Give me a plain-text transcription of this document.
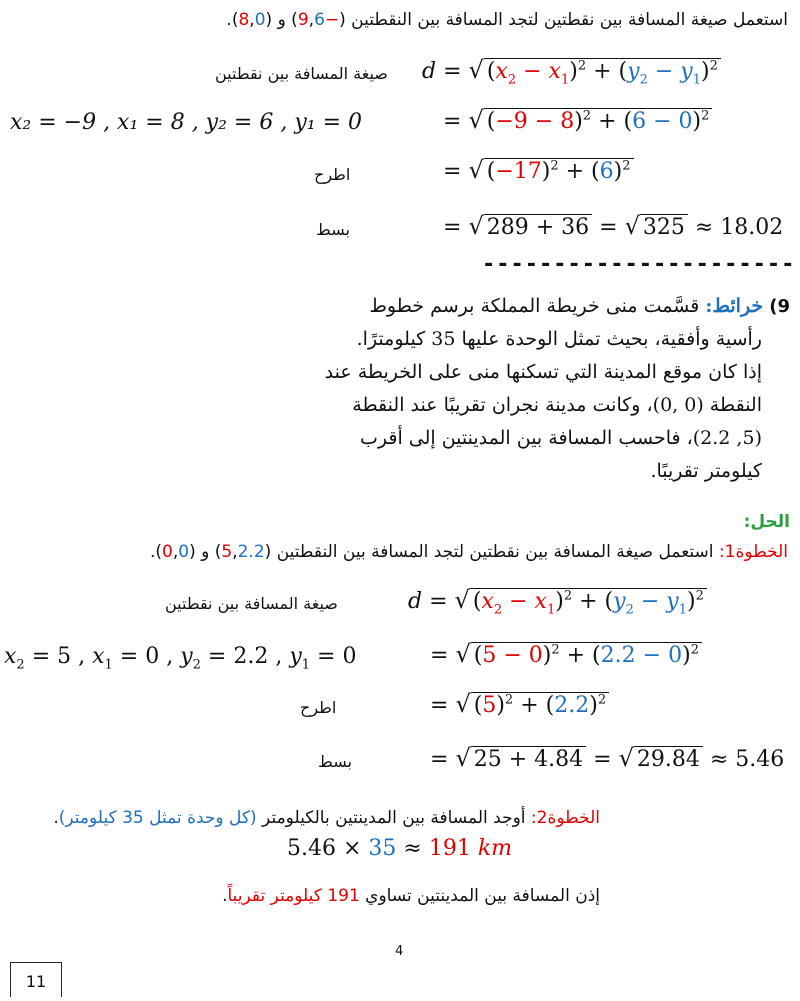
استعمل صيغة المسافة بين نقطتين لتجد المسافة بين النقطتين (−9,6) و (8,0).
صيغة المسافة بين نقطتين d = √ $(x_2 - x_1)^2 + (y_2 - y_1)^2$
x₂ = −9 , x₁ = 8 , y₂ = 6 , y₁ = 0	= √ $(-9 - 8)^2 + (6 - 0)^2$
اطرح	= √ $(-17)^2 + (6)^2$
بسط	= √ 289 + 36 = √ 325 ≈ 18.02
----------------------
9) خرائط: قسَّمت منى خريطة المملكة برسم خطوط
رأسية وأفقية، بحيث تمثل الوحدة عليها 35 كيلومترًا.
إذا كان موقع المدينة التي تسكنها منى على الخريطة عند
النقطة (0 ,0)، وكانت مدينة نجران تقريبًا عند النقطة
(5, 2.2)، فاحسب المسافة بين المدينتين إلى أقرب
كيلومتر تقريبًا.
الحل:
الخطوة1: استعمل صيغة المسافة بين نقطتين لتجد المسافة بين النقطتين (5,2.2) و (0,0).
صيغة المسافة بين نقطتين	d = √ $(x_2 - x_1)^2 + (y_2 - y_1)^2$
$x_2 = 5$ , $x_1 = 0$ , $y_2 = 2.2$ , $y_1 = 0$	= √ $(5 - 0)^2 + (2.2 - 0)^2$
اطرح	= √ $(5)^2 + (2.2)^2$
بسط	= √ 25 + 4.84 = √ 29.84 ≈ 5.46
الخطوة2: أوجد المسافة بين المدينتين بالكيلومتر (كل وحدة تمثل 35 كيلومتر).
5.46 × 35 ≈ 191 km
إذن المسافة بين المدينتين تساوي 191 كيلومتر تقريباً.
4
11
